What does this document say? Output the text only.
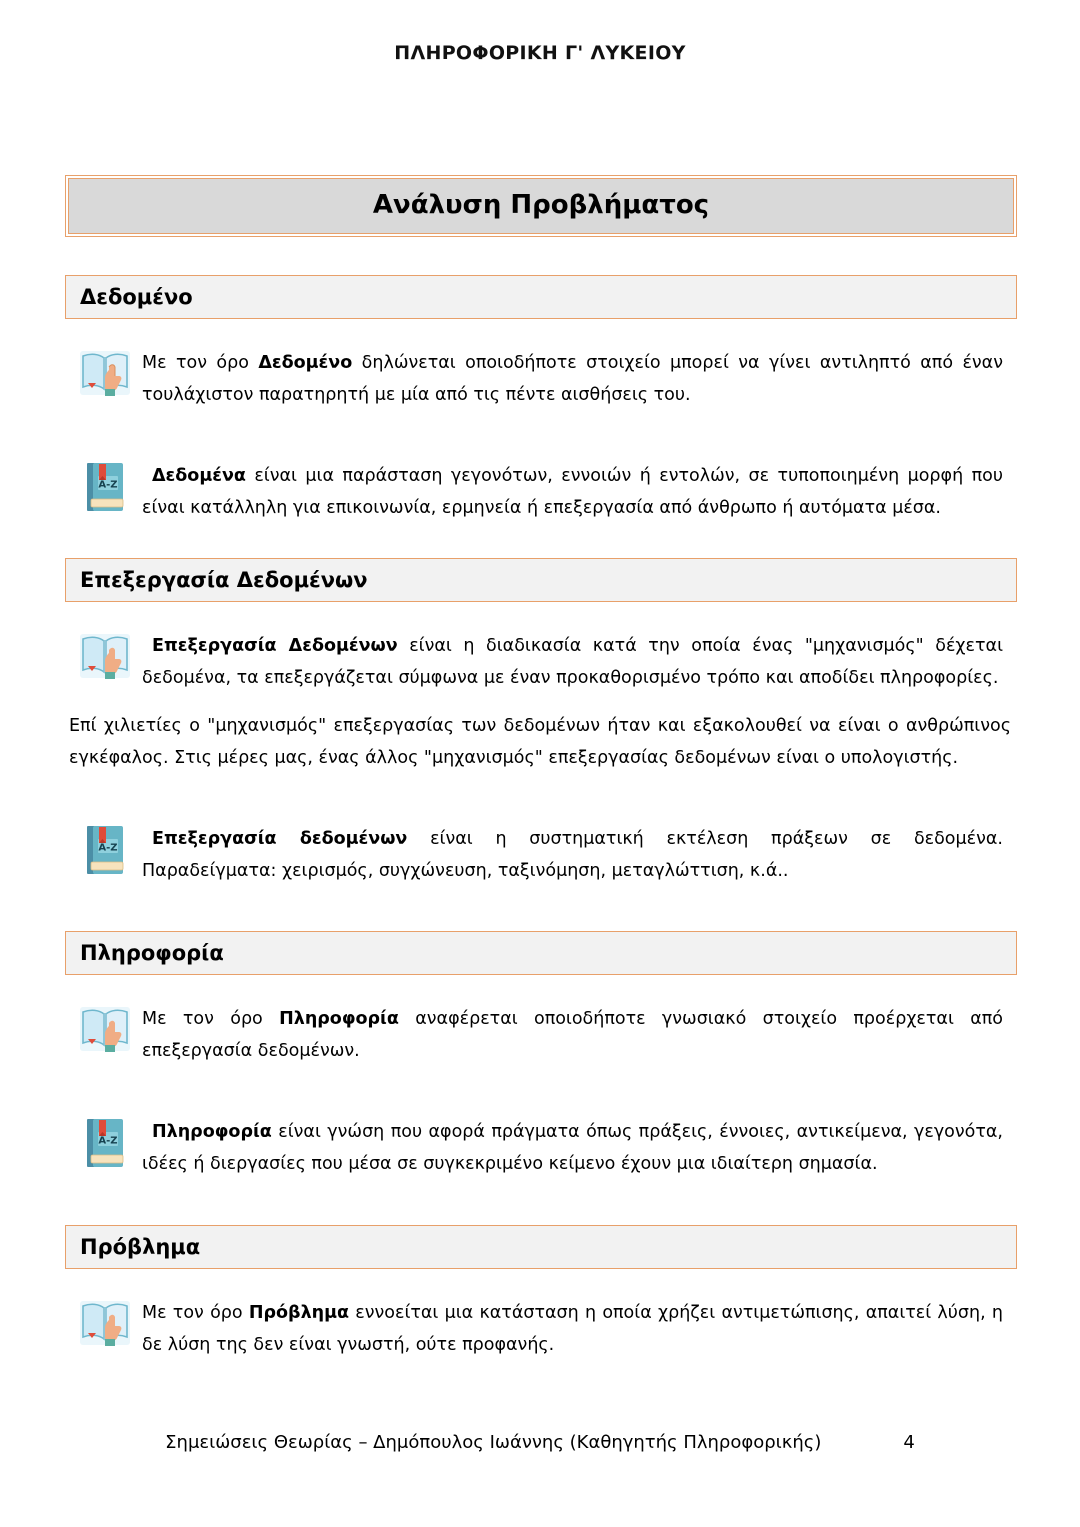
ΠΛΗΡΟΦΟΡΙΚΗ Γ' ΛΥΚΕΙΟΥ
Ανάλυση Προβλήματος
Δεδομένο
Με τον όρο Δεδομένο δηλώνεται οποιοδήποτε στοιχείο μπορεί να γίνει αντιληπτό από έναν τουλάχιστον παρατηρητή με μία από τις πέντε αισθήσεις του.
A-Z	Δεδομένα είναι μια παράσταση γεγονότων, εννοιών ή εντολών, σε τυποποιημένη μορφή που είναι κατάλληλη για επικοινωνία, ερμηνεία ή επεξεργασία από άνθρωπο ή αυτόματα μέσα.
Επεξεργασία Δεδομένων
Επεξεργασία Δεδομένων είναι η διαδικασία κατά την οποία ένας "μηχανισμός" δέχεται δεδομένα, τα επεξεργάζεται σύμφωνα με έναν προκαθορισμένο τρόπο και αποδίδει πληροφορίες.
Επί χιλιετίες ο "μηχανισμός" επεξεργασίας των δεδομένων ήταν και εξακολουθεί να είναι ο ανθρώπινος εγκέφαλος. Στις μέρες μας, ένας άλλος "μηχανισμός" επεξεργασίας δεδομένων είναι ο υπολογιστής.
A-Z	Επεξεργασία δεδομένων είναι η συστηματική εκτέλεση πράξεων σε δεδομένα. Παραδείγματα: χειρισμός, συγχώνευση, ταξινόμηση, μεταγλώττιση, κ.ά..
Πληροφορία
Με τον όρο Πληροφορία αναφέρεται οποιοδήποτε γνωσιακό στοιχείο προέρχεται από επεξεργασία δεδομένων.
A-Z	Πληροφορία είναι γνώση που αφορά πράγματα όπως πράξεις, έννοιες, αντικείμενα, γεγονότα, ιδέες ή διεργασίες που μέσα σε συγκεκριμένο κείμενο έχουν μια ιδιαίτερη σημασία.
Πρόβλημα
Με τον όρο Πρόβλημα εννοείται μια κατάσταση η οποία χρήζει αντιμετώπισης, απαιτεί λύση, η δε λύση της δεν είναι γνωστή, ούτε προφανής.
Σημειώσεις Θεωρίας – Δημόπουλος Ιωάννης (Καθηγητής Πληροφορικής)	4
